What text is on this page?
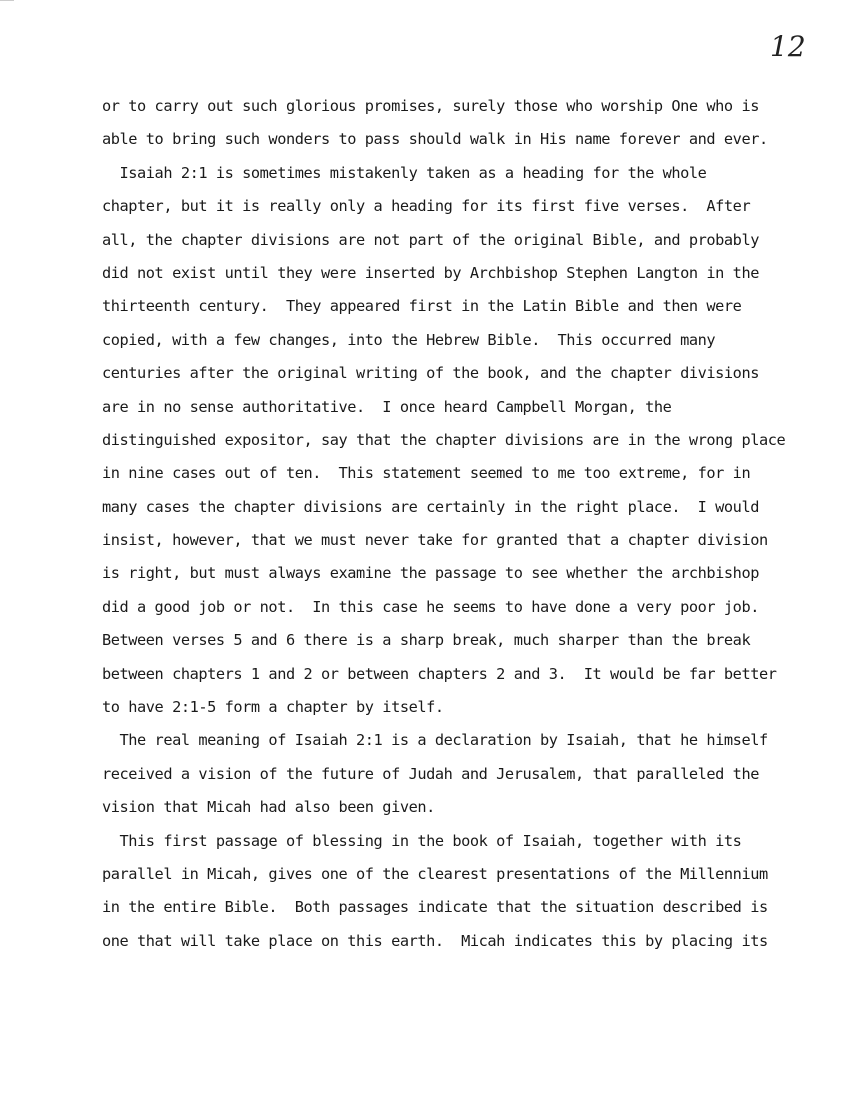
12
or to carry out such glorious promises, surely those who worship One who is
able to bring such wonders to pass should walk in His name forever and ever.
Isaiah 2:1 is sometimes mistakenly taken as a heading for the whole
chapter, but it is really only a heading for its first five verses.  After
all, the chapter divisions are not part of the original Bible, and probably
did not exist until they were inserted by Archbishop Stephen Langton in the
thirteenth century.  They appeared first in the Latin Bible and then were
copied, with a few changes, into the Hebrew Bible.  This occurred many
centuries after the original writing of the book, and the chapter divisions
are in no sense authoritative.  I once heard Campbell Morgan, the
distinguished expositor, say that the chapter divisions are in the wrong place
in nine cases out of ten.  This statement seemed to me too extreme, for in
many cases the chapter divisions are certainly in the right place.  I would
insist, however, that we must never take for granted that a chapter division
is right, but must always examine the passage to see whether the archbishop
did a good job or not.  In this case he seems to have done a very poor job.
Between verses 5 and 6 there is a sharp break, much sharper than the break
between chapters 1 and 2 or between chapters 2 and 3.  It would be far better
to have 2:1-5 form a chapter by itself.
The real meaning of Isaiah 2:1 is a declaration by Isaiah, that he himself
received a vision of the future of Judah and Jerusalem, that paralleled the
vision that Micah had also been given.
This first passage of blessing in the book of Isaiah, together with its
parallel in Micah, gives one of the clearest presentations of the Millennium
in the entire Bible.  Both passages indicate that the situation described is
one that will take place on this earth.  Micah indicates this by placing its
